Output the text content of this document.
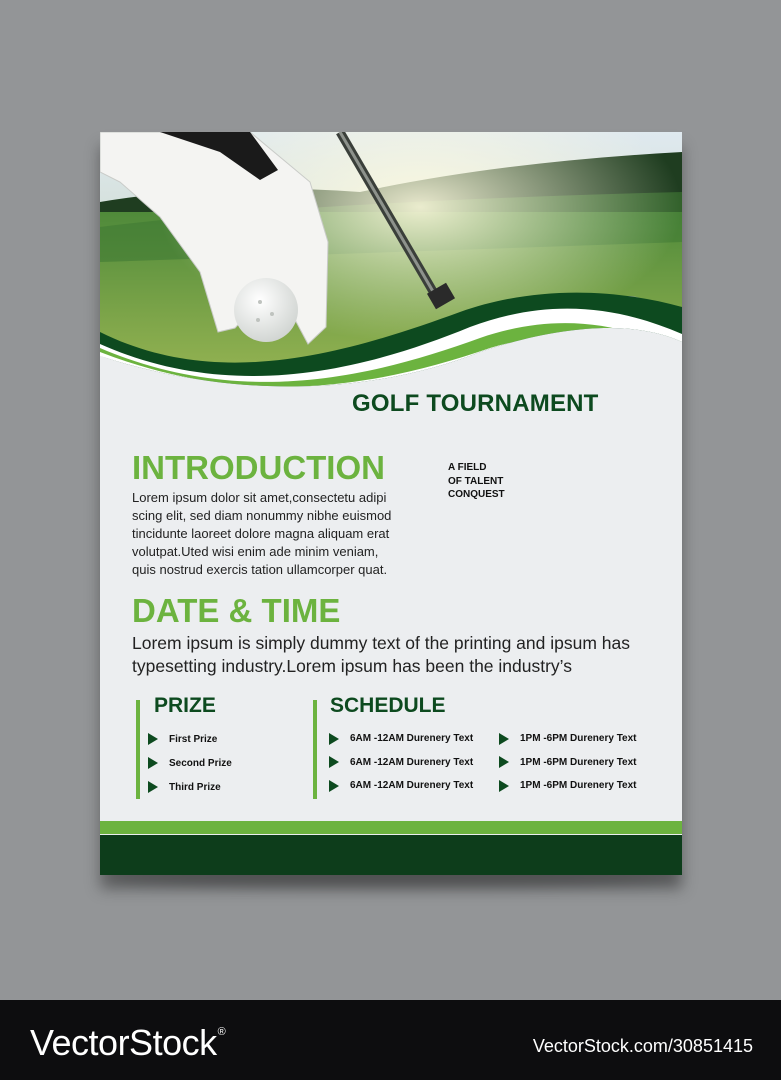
GOLF TOURNAMENT
INTRODUCTION
Lorem ipsum dolor sit amet,consectetu adipi
scing elit, sed diam nonummy nibhe euismod
tincidunte laoreet dolore magna aliquam erat
volutpat.Uted wisi enim ade minim veniam,
quis nostrud exercis tation ullamcorper quat.
A FIELD
OF TALENT
CONQUEST
DATE & TIME
Lorem ipsum is simply dummy text of the printing and ipsum has
typesetting industry.Lorem ipsum has been the industry’s
PRIZE
First Prize
Second Prize
Third Prize
SCHEDULE
6AM -12AM Durenery Text
6AM -12AM Durenery Text
6AM -12AM Durenery Text
1PM -6PM Durenery Text
1PM -6PM Durenery Text
1PM -6PM Durenery Text
VectorStock®
VectorStock.com/30851415
